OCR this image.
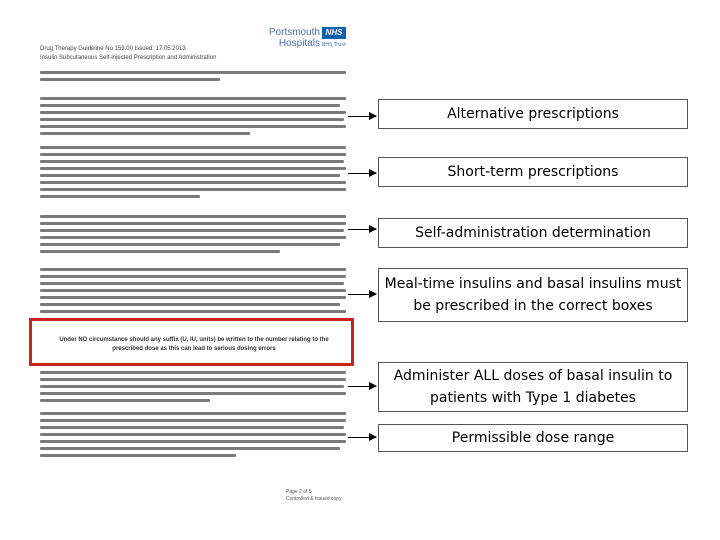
Portsmouth Hospitals
NHS
NHS Trust
Drug Therapy Guideline No 159.00 Issued: 17.05.2013
Insulin Subcutaneous Self-injected Prescription and Administration
Under NO circumstance should any suffix (U, IU, units) be written to the number relating to the prescribed dose as this can lead to serious dosing errors
Page 2 of 5
Controlled & Issued copy
Alternative prescriptions
Short-term prescriptions
Self-administration determination
Meal-time insulins and basal insulins must be prescribed in the correct boxes
Administer ALL doses of basal insulin to patients with Type 1 diabetes
Permissible dose range
